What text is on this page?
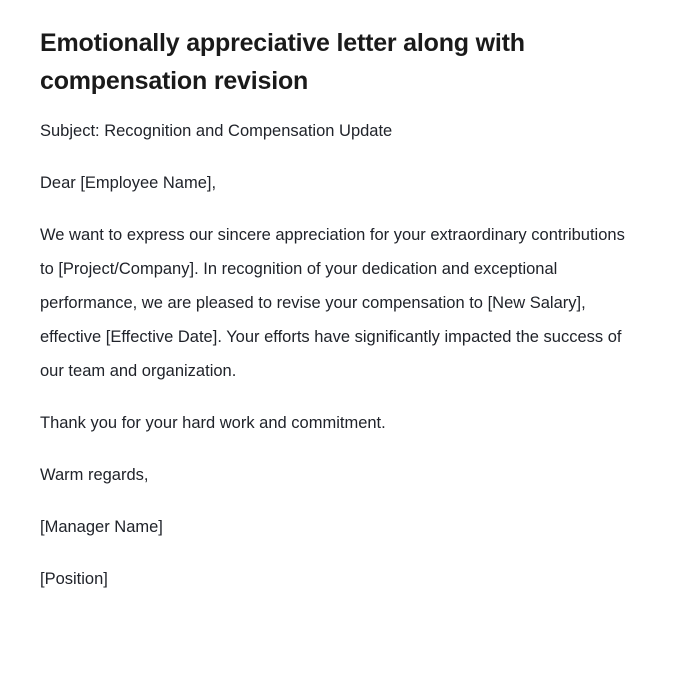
Emotionally appreciative letter along with compensation revision

Subject: Recognition and Compensation Update

Dear [Employee Name],

We want to express our sincere appreciation for your extraordinary contributions to [Project/Company]. In recognition of your dedication and exceptional performance, we are pleased to revise your compensation to [New Salary], effective [Effective Date]. Your efforts have significantly impacted the success of our team and organization.

Thank you for your hard work and commitment.

Warm regards,

[Manager Name]

[Position]
